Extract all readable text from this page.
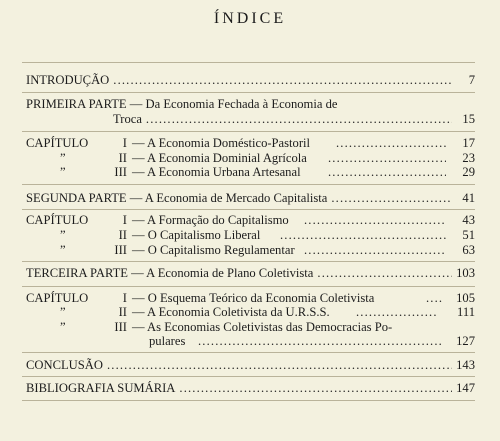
ÍNDICE
INTRODUÇÃO . . .	7
PRIMEIRA PARTE — Da Economia Fechada à Economia de
Troca . . .	15
CAPÍTULO	I — A Economia Doméstico-Pastoril . . .	17
”	II — A Economia Dominial Agrícola . . .	23
”	III — A Economia Urbana Artesanal . . .	29
SEGUNDA PARTE — A Economia de Mercado Capitalista . . .	41
CAPÍTULO	I — A Formação do Capitalismo . . .	43
”	II — O Capitalismo Liberal . . .	51
”	III — O Capitalismo Regulamentar . . .	63
TERCEIRA PARTE — A Economia de Plano Coletivista . . .	103
CAPÍTULO	I — O Esquema Teórico da Economia Coletivista . . .	105
”	II — A Economia Coletivista da U.R.S.S. . . .	111
”	III — As Economias Coletivistas das Democracias Po-
pulares . . .	127
CONCLUSÃO . . .	143
BIBLIOGRAFIA SUMÁRIA . . .	147
